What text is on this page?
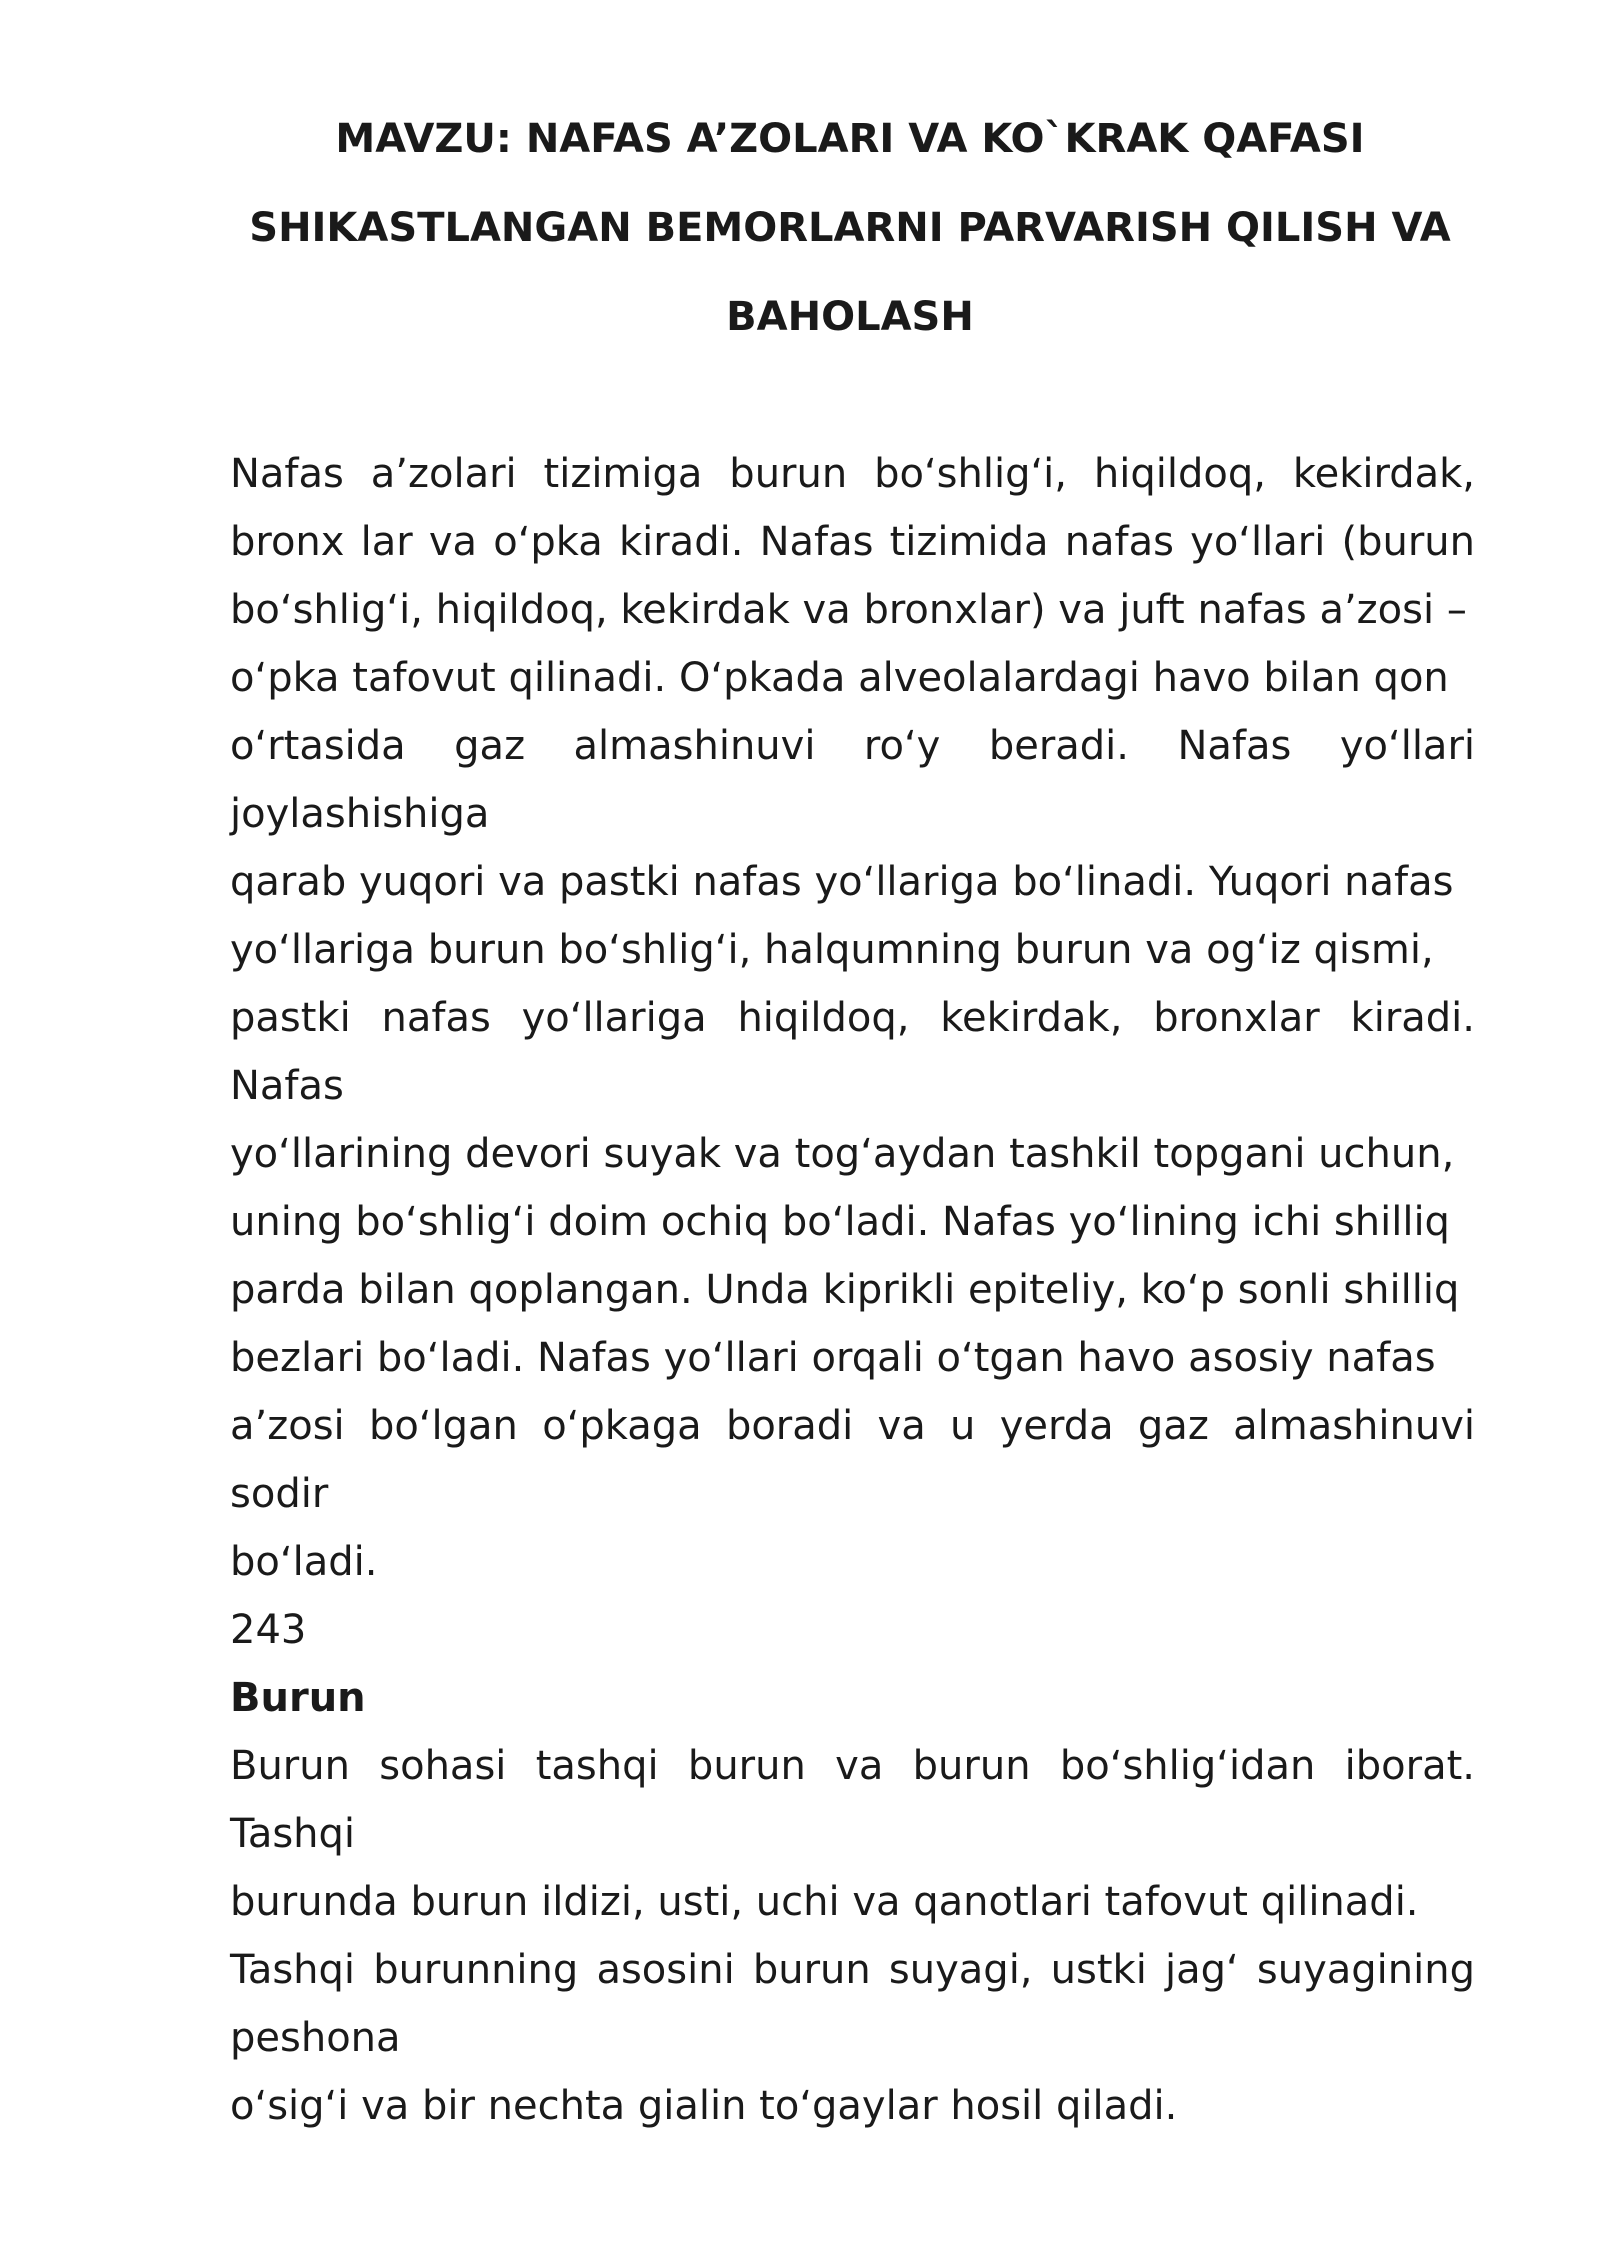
MAVZU: NAFAS A’ZOLARI VA KO`KRAK QAFASI
SHIKASTLANGAN BEMORLARNI PARVARISH QILISH VA
BAHOLASH
Nafas a’zolari tizimiga burun bo‘shlig‘i, hiqildoq, kekirdak,
bronx lar va o‘pka kiradi. Nafas tizimida nafas yo‘llari (burun
bo‘shlig‘i, hiqildoq, kekirdak va bronxlar) va juft nafas a’zosi –
o‘pka tafovut qilinadi. O‘pkada alveolalardagi havo bilan qon
o‘rtasida gaz almashinuvi ro‘y beradi. Nafas yo‘llari
joylashishiga
qarab yuqori va pastki nafas yo‘llariga bo‘linadi. Yuqori nafas
yo‘llariga burun bo‘shlig‘i, halqumning burun va og‘iz qismi,
pastki nafas yo‘llariga hiqildoq, kekirdak, bronxlar kiradi.
Nafas
yo‘llarining devori suyak va tog‘aydan tashkil topgani uchun,
uning bo‘shlig‘i doim ochiq bo‘ladi. Nafas yo‘lining ichi shilliq
parda bilan qoplangan. Unda kiprikli epiteliy, ko‘p sonli shilliq
bezlari bo‘ladi. Nafas yo‘llari orqali o‘tgan havo asosiy nafas
a’zosi bo‘lgan o‘pkaga boradi va u yerda gaz almashinuvi
sodir
bo‘ladi.
243
Burun
Burun sohasi tashqi burun va burun bo‘shlig‘idan iborat.
Tashqi
burunda burun ildizi, usti, uchi va qanotlari tafovut qilinadi.
Tashqi burunning asosini burun suyagi, ustki jag‘ suyagining
peshona
o‘sig‘i va bir nechta gialin to‘gaylar hosil qiladi.
